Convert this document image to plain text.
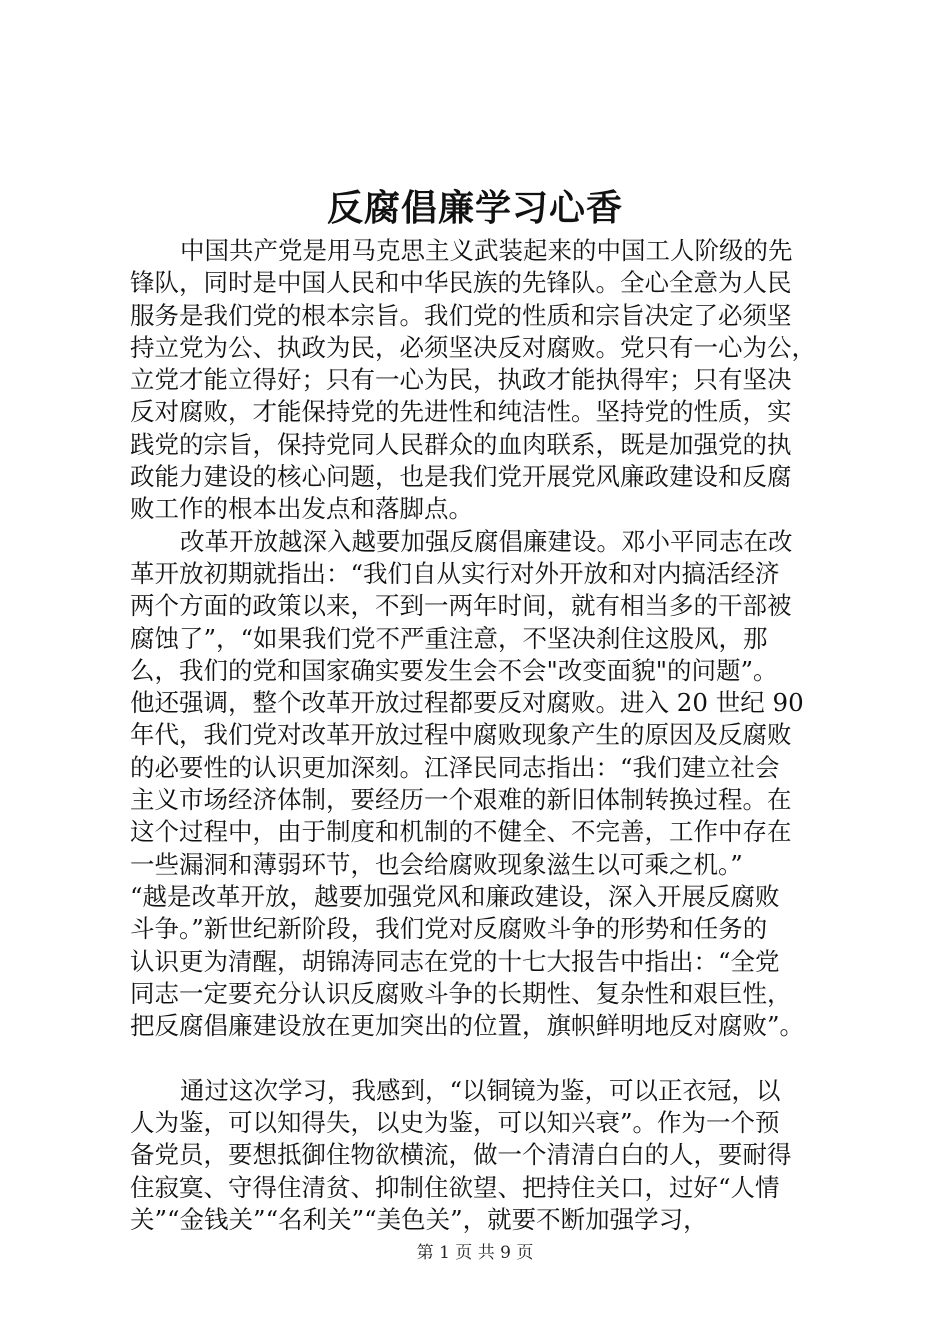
反腐倡廉学习心香
中国共产党是用马克思主义武装起来的中国工人阶级的先
锋队，同时是中国人民和中华民族的先锋队。全心全意为人民
服务是我们党的根本宗旨。我们党的性质和宗旨决定了必须坚
持立党为公、执政为民，必须坚决反对腐败。党只有一心为公，
立党才能立得好；只有一心为民，执政才能执得牢；只有坚决
反对腐败，才能保持党的先进性和纯洁性。坚持党的性质，实
践党的宗旨，保持党同人民群众的血肉联系，既是加强党的执
政能力建设的核心问题，也是我们党开展党风廉政建设和反腐
败工作的根本出发点和落脚点。
改革开放越深入越要加强反腐倡廉建设。邓小平同志在改
革开放初期就指出：“我们自从实行对外开放和对内搞活经济
两个方面的政策以来，不到一两年时间，就有相当多的干部被
腐蚀了”，“如果我们党不严重注意，不坚决刹住这股风，那
么，我们的党和国家确实要发生会不会"改变面貌"的问题”。
他还强调，整个改革开放过程都要反对腐败。进入 20 世纪 90
年代，我们党对改革开放过程中腐败现象产生的原因及反腐败
的必要性的认识更加深刻。江泽民同志指出：“我们建立社会
主义市场经济体制，要经历一个艰难的新旧体制转换过程。在
这个过程中，由于制度和机制的不健全、不完善，工作中存在
一些漏洞和薄弱环节，也会给腐败现象滋生以可乘之机。”
“越是改革开放，越要加强党风和廉政建设，深入开展反腐败
斗争。”新世纪新阶段，我们党对反腐败斗争的形势和任务的
认识更为清醒，胡锦涛同志在党的十七大报告中指出：“全党
同志一定要充分认识反腐败斗争的长期性、复杂性和艰巨性，
把反腐倡廉建设放在更加突出的位置，旗帜鲜明地反对腐败”。
通过这次学习，我感到，“以铜镜为鉴，可以正衣冠，以
人为鉴，可以知得失，以史为鉴，可以知兴衰”。作为一个预
备党员，要想抵御住物欲横流，做一个清清白白的人，要耐得
住寂寞、守得住清贫、抑制住欲望、把持住关口，过好“人情
关”“金钱关”“名利关”“美色关”，就要不断加强学习，
第 1 页 共 9 页
